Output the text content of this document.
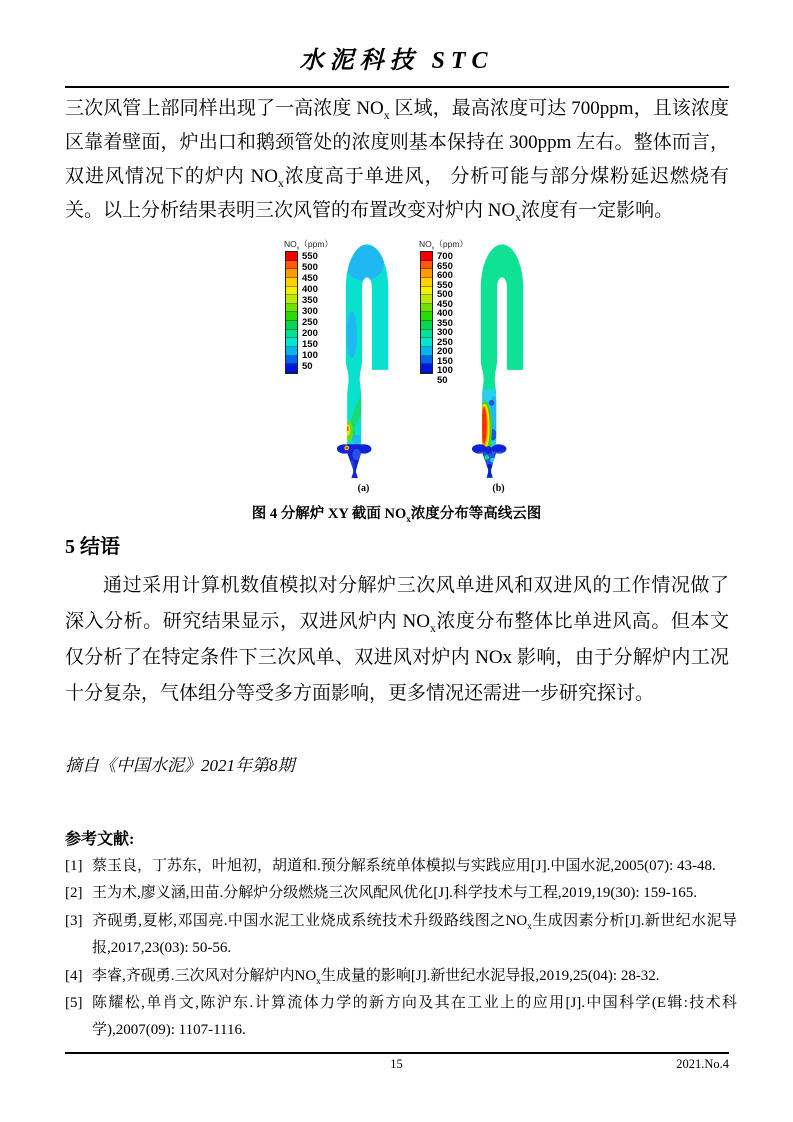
水泥科技 STC
三次风管上部同样出现了一高浓度 $NO_x$ 区域，最高浓度可达 700ppm，且该浓度区靠着壁面，炉出口和鹅颈管处的浓度则基本保持在 300ppm 左右。整体而言，双进风情况下的炉内 $NO_x$浓度高于单进风， 分析可能与部分煤粉延迟燃烧有关。以上分析结果表明三次风管的布置改变对炉内 $NO_x$浓度有一定影响。
$NO_x(ppm)$
550
500
450
400
350
300
250
200
150
100
50
(a)
$NO_x(ppm)$
700
650
600
550
500
450
400
350
300
250
200
150
100
50
(b)
图 4 分解炉 XY 截面 $NO_x$浓度分布等高线云图
5 结语
通过采用计算机数值模拟对分解炉三次风单进风和双进风的工作情况做了深入分析。研究结果显示，双进风炉内 $NO_x$浓度分布整体比单进风高。但本文仅分析了在特定条件下三次风单、双进风对炉内 NOx 影响，由于分解炉内工况十分复杂，气体组分等受多方面影响，更多情况还需进一步研究探讨。
摘自《中国水泥》2021年第8期
参考文献:
[1] 蔡玉良，丁苏东，叶旭初，胡道和.预分解系统单体模拟与实践应用[J].中国水泥,2005(07): 43-48.
[2] 王为术,廖义涵,田苗.分解炉分级燃烧三次风配风优化[J].科学技术与工程,2019,19(30): 159-165.
[3] 齐砚勇,夏彬,邓国亮.中国水泥工业烧成系统技术升级路线图之$NO_x$生成因素分析[J].新世纪水泥导报,2017,23(03): 50-56.
[4] 李睿,齐砚勇.三次风对分解炉内$NO_x$生成量的影响[J].新世纪水泥导报,2019,25(04): 28-32.
[5] 陈耀松,单肖文,陈沪东.计算流体力学的新方向及其在工业上的应用[J].中国科学(E辑:技术科学),2007(09): 1107-1116.
15	2021.No.4
